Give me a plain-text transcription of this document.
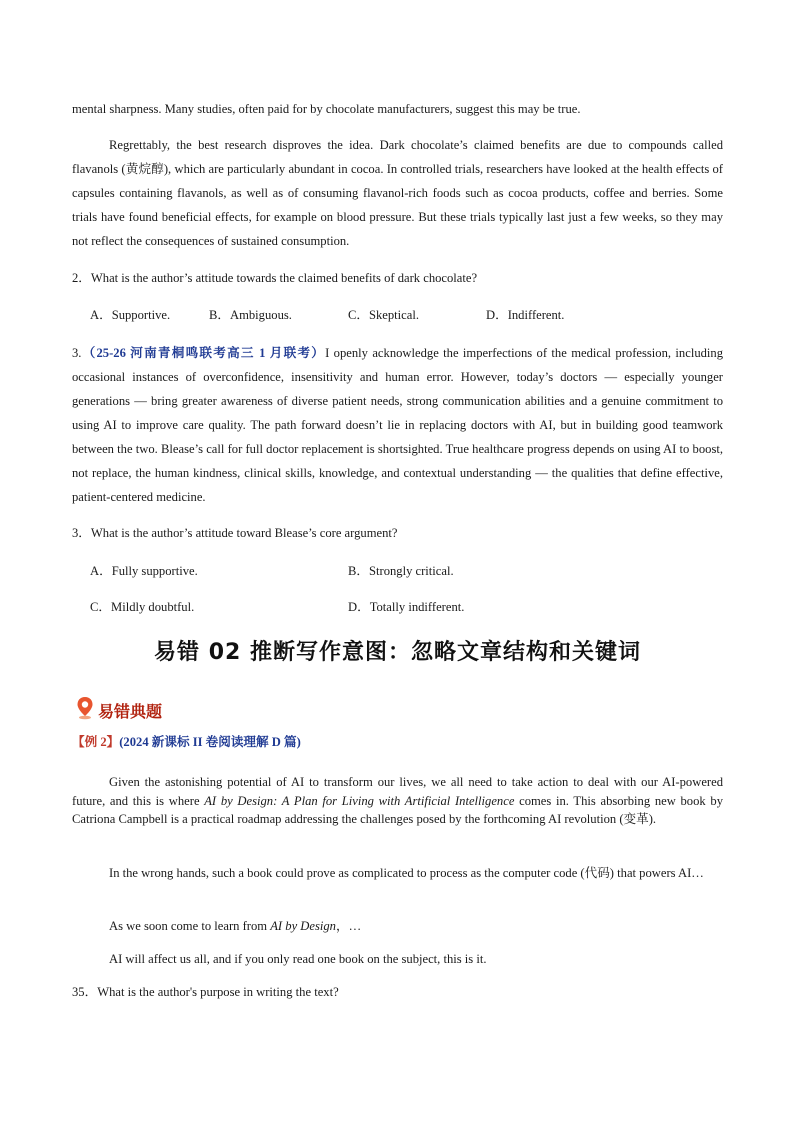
mental sharpness. Many studies, often paid for by chocolate manufacturers, suggest this may be true.
Regrettably, the best research disproves the idea. Dark chocolate’s claimed benefits are due to compounds called flavanols (黄烷醇), which are particularly abundant in cocoa. In controlled trials, researchers have looked at the health effects of capsules containing flavanols, as well as of consuming flavanol-rich foods such as cocoa products, coffee and berries. Some trials have found beneficial effects, for example on blood pressure. But these trials typically last just a few weeks, so they may not reflect the consequences of sustained consumption.
2．What is the author’s attitude towards the claimed benefits of dark chocolate?
A．Supportive.	B．Ambiguous.	C．Skeptical.	D．Indifferent.
3.（25-26 河南青桐鸣联考高三 1 月联考）I openly acknowledge the imperfections of the medical profession, including occasional instances of overconfidence, insensitivity and human error. However, today’s doctors — especially younger generations — bring greater awareness of diverse patient needs, strong communication abilities and a genuine commitment to using AI to improve care quality. The path forward doesn’t lie in replacing doctors with AI, but in building good teamwork between the two. Blease’s call for full doctor replacement is shortsighted. True healthcare progress depends on using AI to boost, not replace, the human kindness, clinical skills, knowledge, and contextual understanding — the qualities that define effective, patient-centered medicine.
3．What is the author’s attitude toward Blease’s core argument?
A．Fully supportive.	B．Strongly critical.
C．Mildly doubtful.	D．Totally indifferent.
易错 02 推断写作意图：忽略文章结构和关键词
易错典题
【例 2】(2024 新课标 II 卷阅读理解 D 篇)
Given the astonishing potential of AI to transform our lives, we all need to take action to deal with our AI-powered future, and this is where AI by Design: A Plan for Living with Artificial Intelligence comes in. This absorbing new book by Catriona Campbell is a practical roadmap addressing the challenges posed by the forthcoming AI revolution (变革).
In the wrong hands, such a book could prove as complicated to process as the computer code (代码) that powers AI…
As we soon come to learn from AI by Design，…
AI will affect us all, and if you only read one book on the subject, this is it.
35．What is the author's purpose in writing the text?
